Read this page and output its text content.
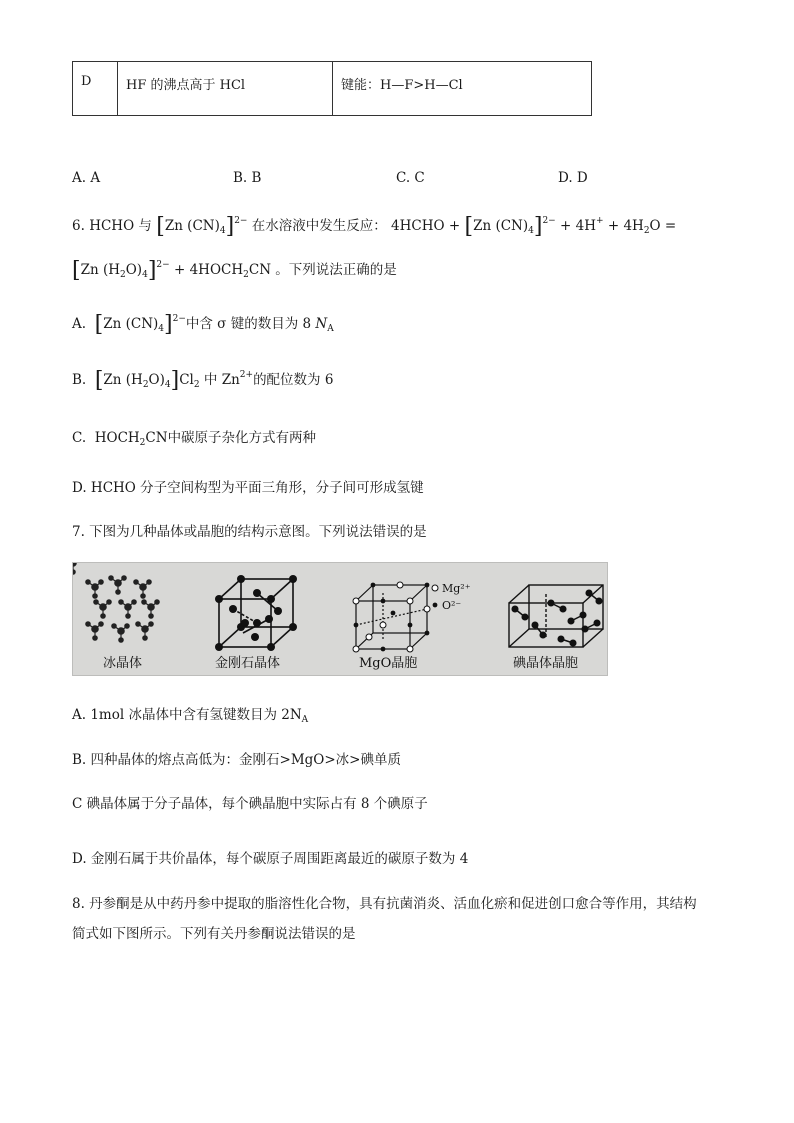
D	HF 的沸点高于 HCl	键能：H—F>H—Cl
A. A	B. B	C. C	D. D
6. HCHO 与 [Zn $(CN)_4]^{2-}$ 在水溶液中发生反应： 4HCHO + [Zn $(CN)_4]^{2-} + 4H^+ + 4H_2O$ =
[Zn $(H_2O)_4]^{2-}$ + $4HOCH_2CN$ 。下列说法正确的是
A. [Zn $(CN)_4]^{2-}$中含 σ 键的数目为 8 $N_A$
B. [Zn $(H_2O)_4]Cl_2$ 中 $Zn^{2+}$的配位数为 6
C.  $HOCH_2CN$中碳原子杂化方式有两种
D. HCHO 分子空间构型为平面三角形，分子间可形成氢键
7. 下图为几种晶体或晶胞的结构示意图。下列说法错误的是
Mg²⁺
O²⁻
冰晶体	金刚石晶体	MgO晶胞	碘晶体晶胞
A. 1mol 冰晶体中含有氢键数目为 $2N_A$
B. 四种晶体的熔点高低为：金刚石>MgO>冰>碘单质
C 碘晶体属于分子晶体，每个碘晶胞中实际占有 8 个碘原子
D. 金刚石属于共价晶体，每个碳原子周围距离最近的碳原子数为 4
8. 丹参酮是从中药丹参中提取的脂溶性化合物，具有抗菌消炎、活血化瘀和促进创口愈合等作用，其结构
简式如下图所示。下列有关丹参酮说法错误的是
